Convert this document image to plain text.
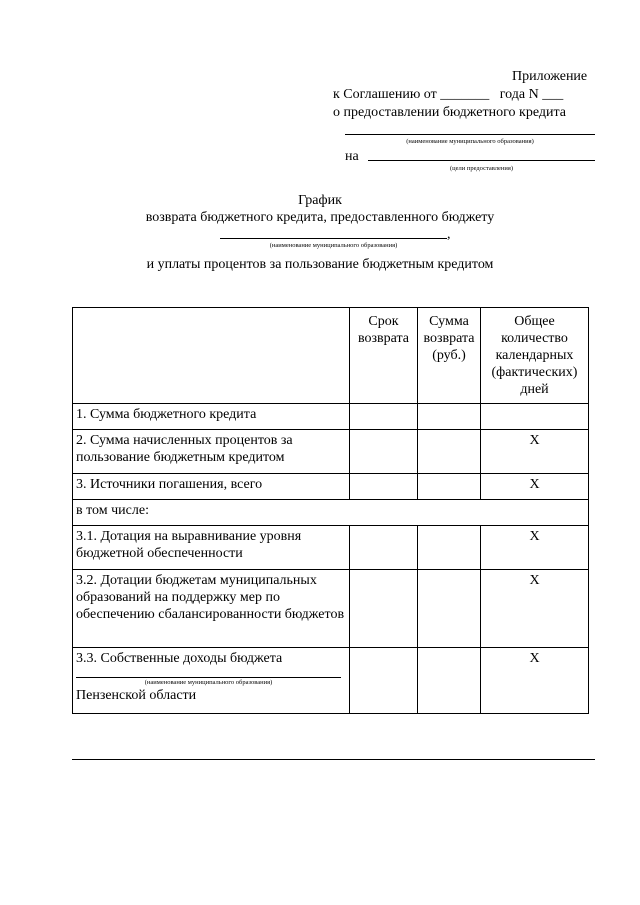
Приложение
к Соглашению от _______ года N ___
о предоставлении бюджетного кредита
(наименование муниципального образования)
на
(цели предоставления)
График
возврата бюджетного кредита, предоставленного бюджету
,
(наименование муниципального образования)
и уплаты процентов за пользование бюджетным кредитом
	Срок возврата	Сумма возврата (руб.)	Общее количество календарных (фактических) дней
1. Сумма бюджетного кредита			
2. Сумма начисленных процентов за пользование бюджетным кредитом			X
3. Источники погашения, всего			X
в том числе:			
3.1. Дотация на выравнивание уровня бюджетной обеспеченности			X
3.2. Дотации бюджетам муниципальных образований на поддержку мер по обеспечению сбалансированности бюджетов			X
3.3. Собственные доходы бюджета
(наименование муниципального образования)
Пензенской области			X
